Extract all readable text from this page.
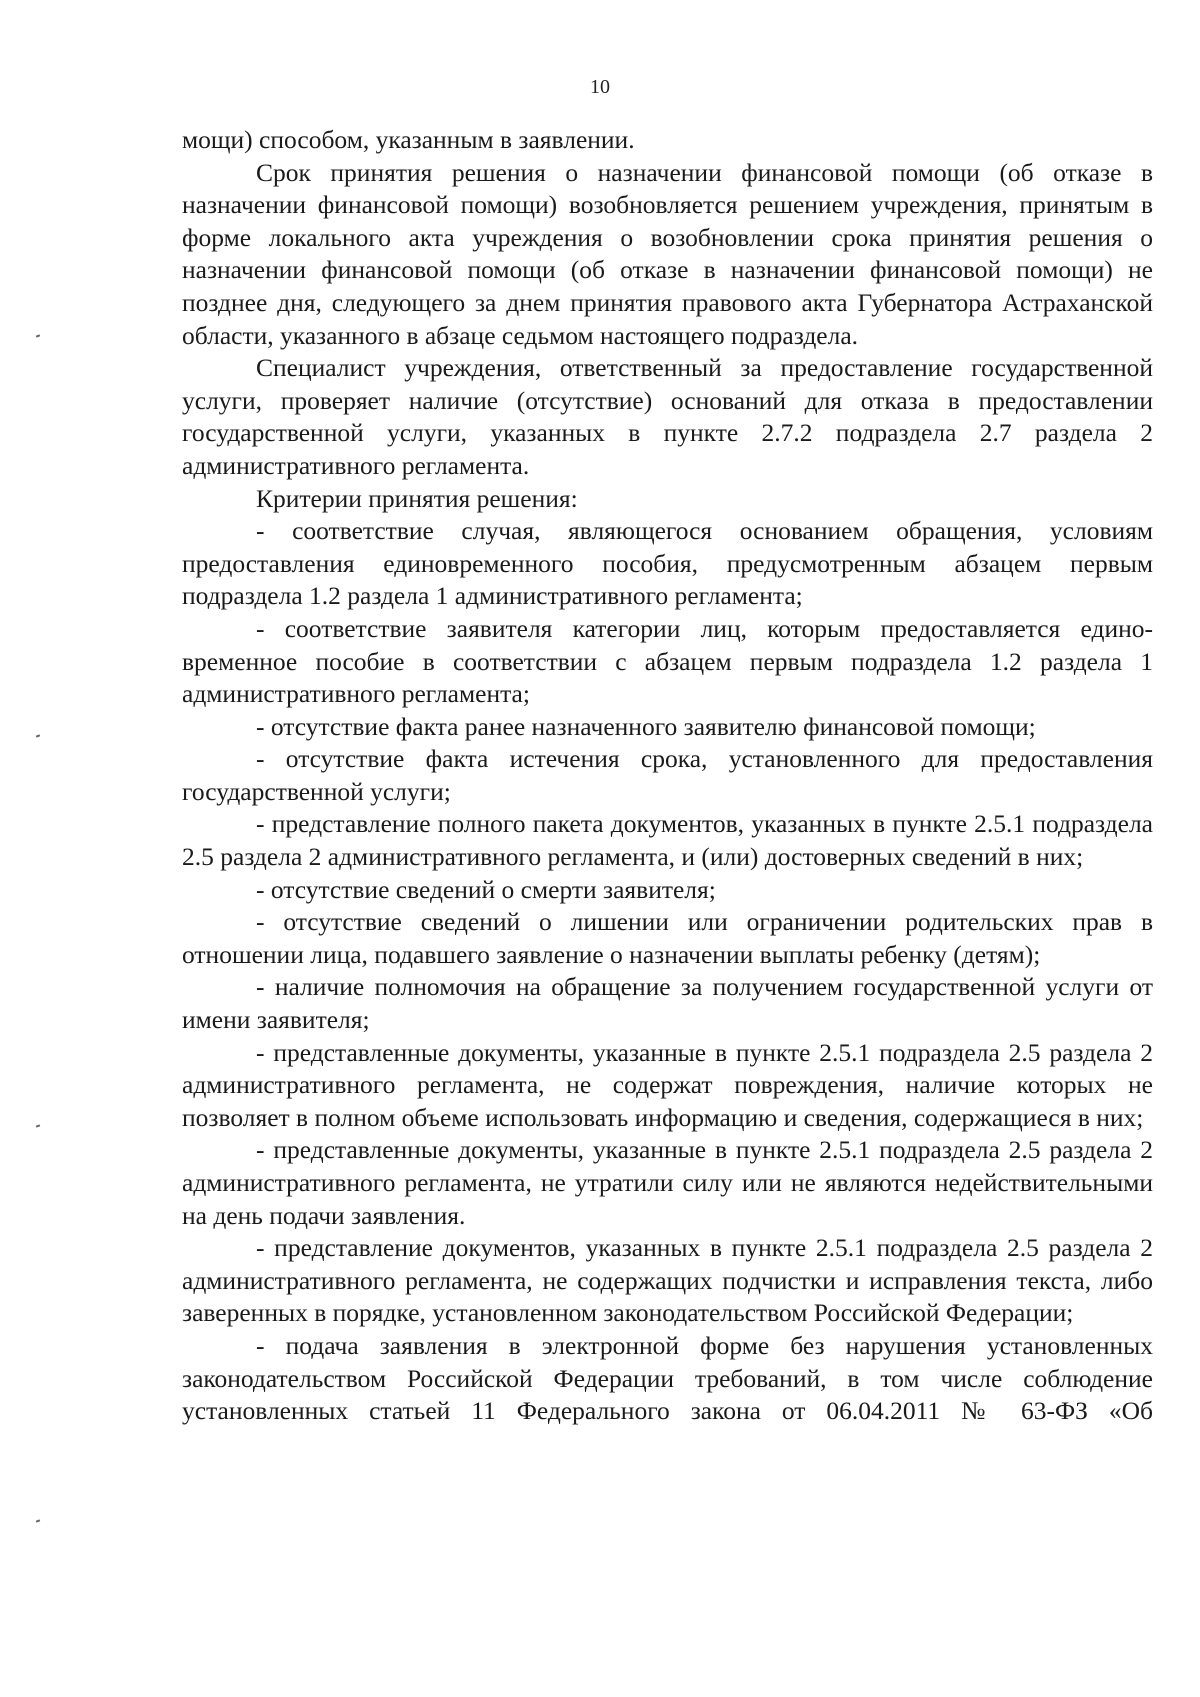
10

мощи) способом, указанным в заявлении.

Срок принятия решения о назначении финансовой помощи (об отказе в назначении финансовой помощи) возобновляется решением учреждения, принятым в форме локального акта учреждения о возобновлении срока принятия решения о назначении финансовой помощи (об отказе в назначении финансовой помощи) не позднее дня, следующего за днем принятия правового акта Губернатора Астраханской области, указанного в абзаце седьмом настоящего подраздела.

Специалист учреждения, ответственный за предоставление государственной услуги, проверяет наличие (отсутствие) оснований для отказа в предоставлении государственной услуги, указанных в пункте 2.7.2 подраздела 2.7 раздела 2 административного регламента.

Критерии принятия решения:

- соответствие случая, являющегося основанием обращения, условиям предоставления единовременного пособия, предусмотренным абзацем первым подраздела 1.2 раздела 1 административного регламента;

- соответствие заявителя категории лиц, которым предоставляется единовременное пособие в соответствии с абзацем первым подраздела 1.2 раздела 1 административного регламента;

- отсутствие факта ранее назначенного заявителю финансовой помощи;

- отсутствие факта истечения срока, установленного для предоставления государственной услуги;

- представление полного пакета документов, указанных в пункте 2.5.1 подраздела 2.5 раздела 2 административного регламента, и (или) достоверных сведений в них;

- отсутствие сведений о смерти заявителя;

- отсутствие сведений о лишении или ограничении родительских прав в отношении лица, подавшего заявление о назначении выплаты ребенку (детям);

- наличие полномочия на обращение за получением государственной услуги от имени заявителя;

- представленные документы, указанные в пункте 2.5.1 подраздела 2.5 раздела 2 административного регламента, не содержат повреждения, наличие которых не позволяет в полном объеме использовать информацию и сведения, содержащиеся в них;

- представленные документы, указанные в пункте 2.5.1 подраздела 2.5 раздела 2 административного регламента, не утратили силу или не являются недействительными на день подачи заявления.

- представление документов, указанных в пункте 2.5.1 подраздела 2.5 раздела 2 административного регламента, не содержащих подчистки и исправления текста, либо заверенных в порядке, установленном законодательством Российской Федерации;

- подача заявления в электронной форме без нарушения установленных законодательством Российской Федерации требований, в том числе соблюдение установленных статьей 11 Федерального закона от 06.04.2011 № 63-ФЗ «Об
